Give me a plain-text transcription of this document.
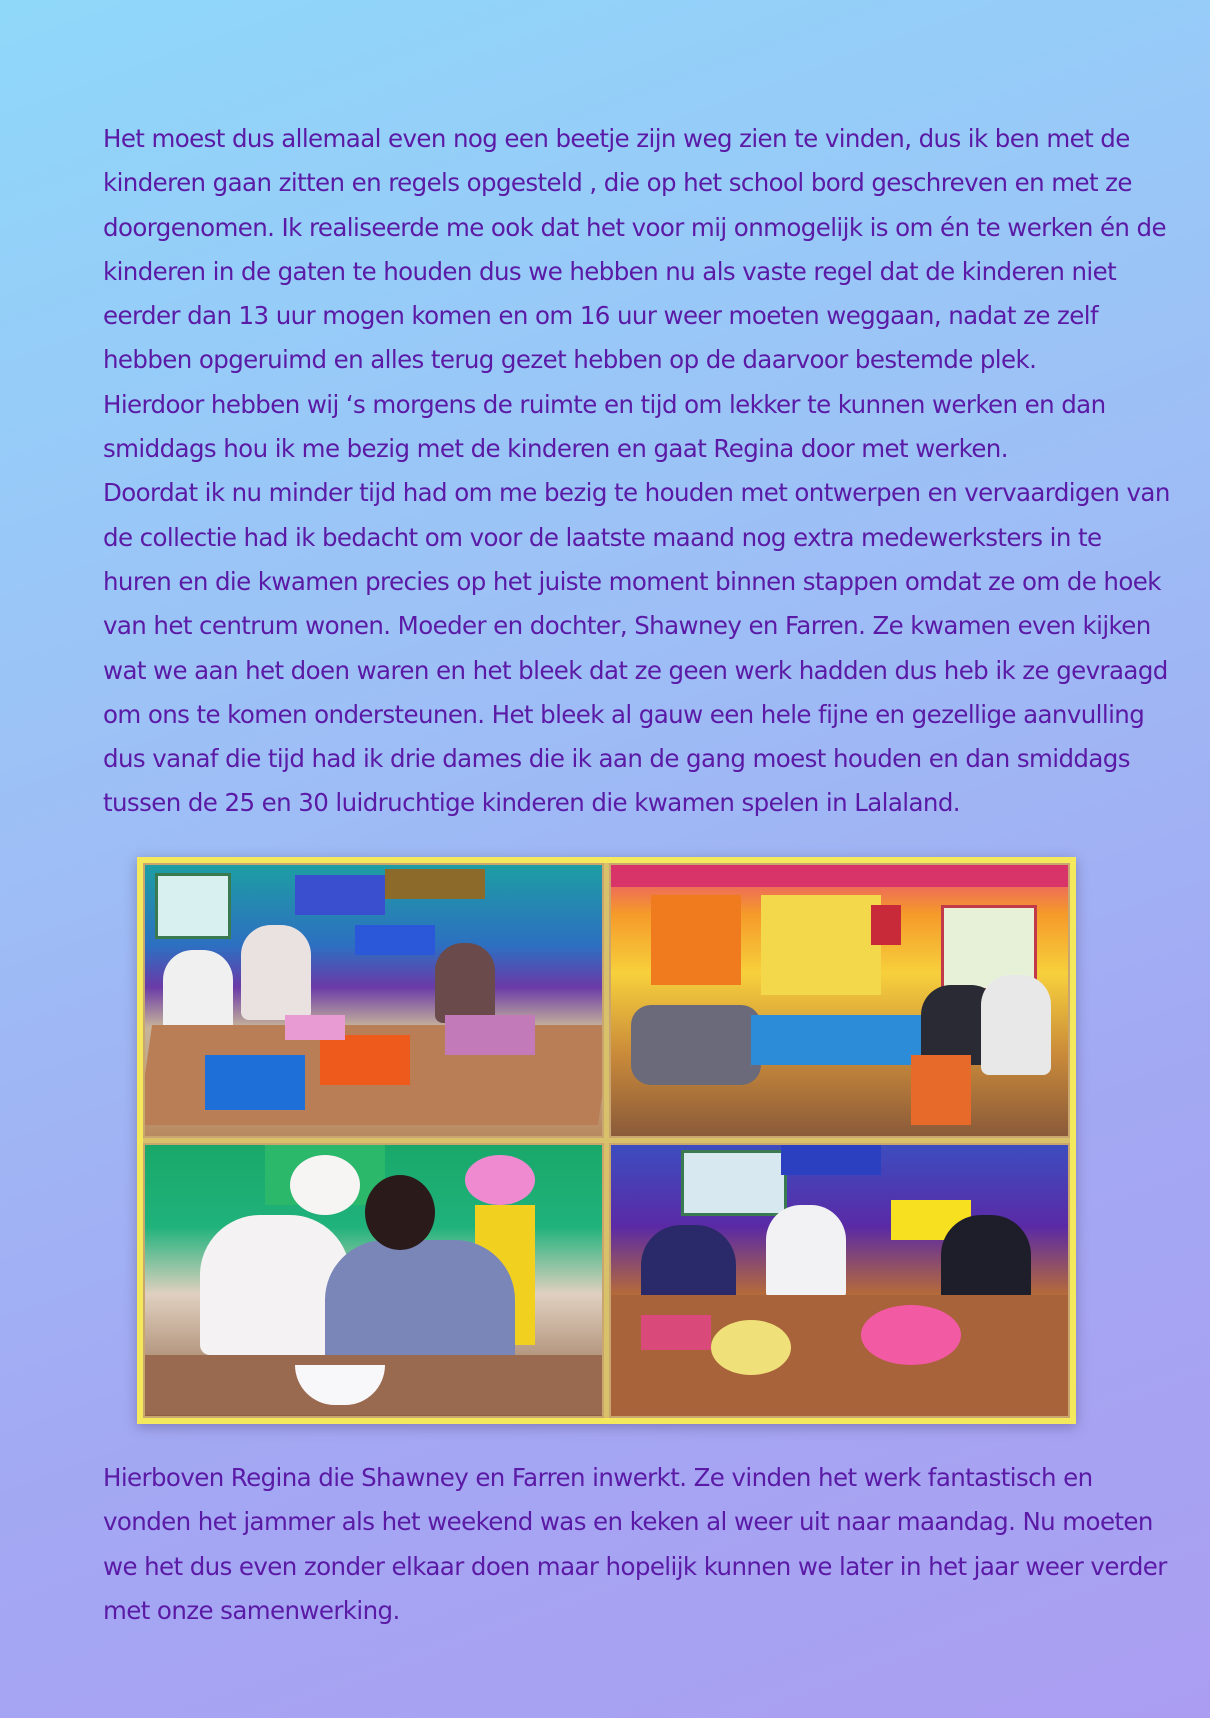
Het moest dus allemaal even nog een beetje zijn weg zien te vinden, dus ik ben met de
kinderen gaan zitten en regels opgesteld , die op het school bord geschreven en met ze
doorgenomen. Ik realiseerde me ook dat het voor mij onmogelijk is om én te werken én de
kinderen in de gaten te houden dus we hebben nu als vaste regel dat de kinderen niet
eerder dan 13 uur mogen komen en om 16 uur weer moeten weggaan, nadat ze zelf
hebben opgeruimd en alles terug gezet hebben op de daarvoor bestemde plek.
Hierdoor hebben wij ‘s morgens de ruimte en tijd om lekker te kunnen werken en dan
smiddags hou ik me bezig met de kinderen en gaat Regina door met werken.
Doordat ik nu minder tijd had om me bezig te houden met ontwerpen en vervaardigen van
de collectie had ik bedacht om voor de laatste maand nog extra medewerksters in te
huren en die kwamen precies op het juiste moment binnen stappen omdat ze om de hoek
van het centrum wonen. Moeder en dochter, Shawney en Farren. Ze kwamen even kijken
wat we aan het doen waren en het bleek dat ze geen werk hadden dus heb ik ze gevraagd
om ons te komen ondersteunen. Het bleek al gauw een hele fijne en gezellige aanvulling
dus vanaf die tijd had ik drie dames die ik aan de gang moest houden en dan smiddags
tussen de 25 en 30 luidruchtige kinderen die kwamen spelen in Lalaland.
Hierboven Regina die Shawney en Farren inwerkt. Ze vinden het werk fantastisch en
vonden het jammer als het weekend was en keken al weer uit naar maandag. Nu moeten
we het dus even zonder elkaar doen maar hopelijk kunnen we later in het jaar weer verder
met onze samenwerking.
